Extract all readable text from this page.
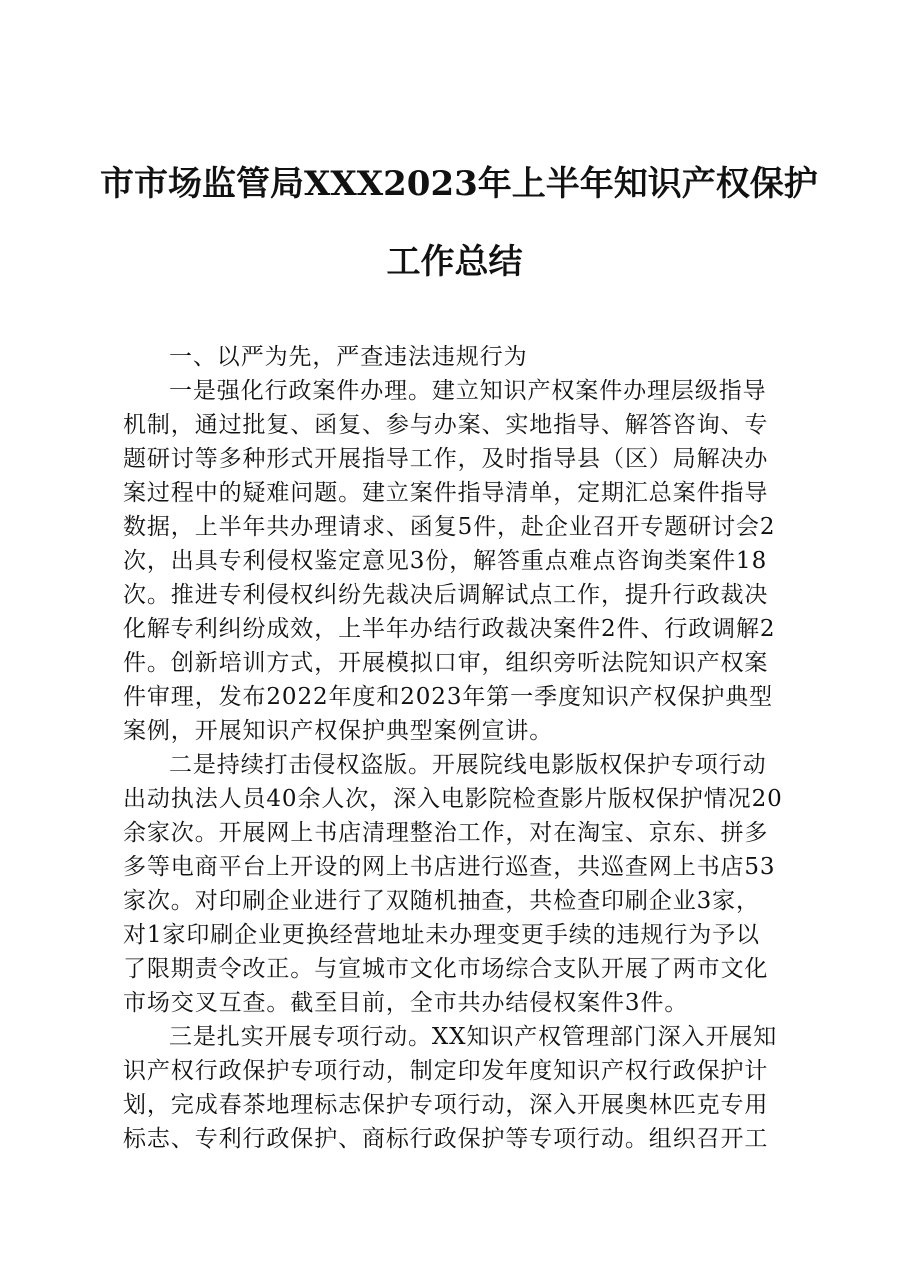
市市场监管局XXX2023年上半年知识产权保护
工作总结
一、以严为先，严查违法违规行为
一是强化行政案件办理。建立知识产权案件办理层级指导
机制，通过批复、函复、参与办案、实地指导、解答咨询、专
题研讨等多种形式开展指导工作，及时指导县（区）局解决办
案过程中的疑难问题。建立案件指导清单，定期汇总案件指导
数据，上半年共办理请求、函复5件，赴企业召开专题研讨会2
次，出具专利侵权鉴定意见3份，解答重点难点咨询类案件18
次。推进专利侵权纠纷先裁决后调解试点工作，提升行政裁决
化解专利纠纷成效，上半年办结行政裁决案件2件、行政调解2
件。创新培训方式，开展模拟口审，组织旁听法院知识产权案
件审理，发布2022年度和2023年第一季度知识产权保护典型
案例，开展知识产权保护典型案例宣讲。
二是持续打击侵权盗版。开展院线电影版权保护专项行动
出动执法人员40余人次，深入电影院检查影片版权保护情况20
余家次。开展网上书店清理整治工作，对在淘宝、京东、拼多
多等电商平台上开设的网上书店进行巡查，共巡查网上书店53
家次。对印刷企业进行了双随机抽查，共检查印刷企业3家，
对1家印刷企业更换经营地址未办理变更手续的违规行为予以
了限期责令改正。与宣城市文化市场综合支队开展了两市文化
市场交叉互查。截至目前，全市共办结侵权案件3件。
三是扎实开展专项行动。XX知识产权管理部门深入开展知
识产权行政保护专项行动，制定印发年度知识产权行政保护计
划，完成春茶地理标志保护专项行动，深入开展奥林匹克专用
标志、专利行政保护、商标行政保护等专项行动。组织召开工
